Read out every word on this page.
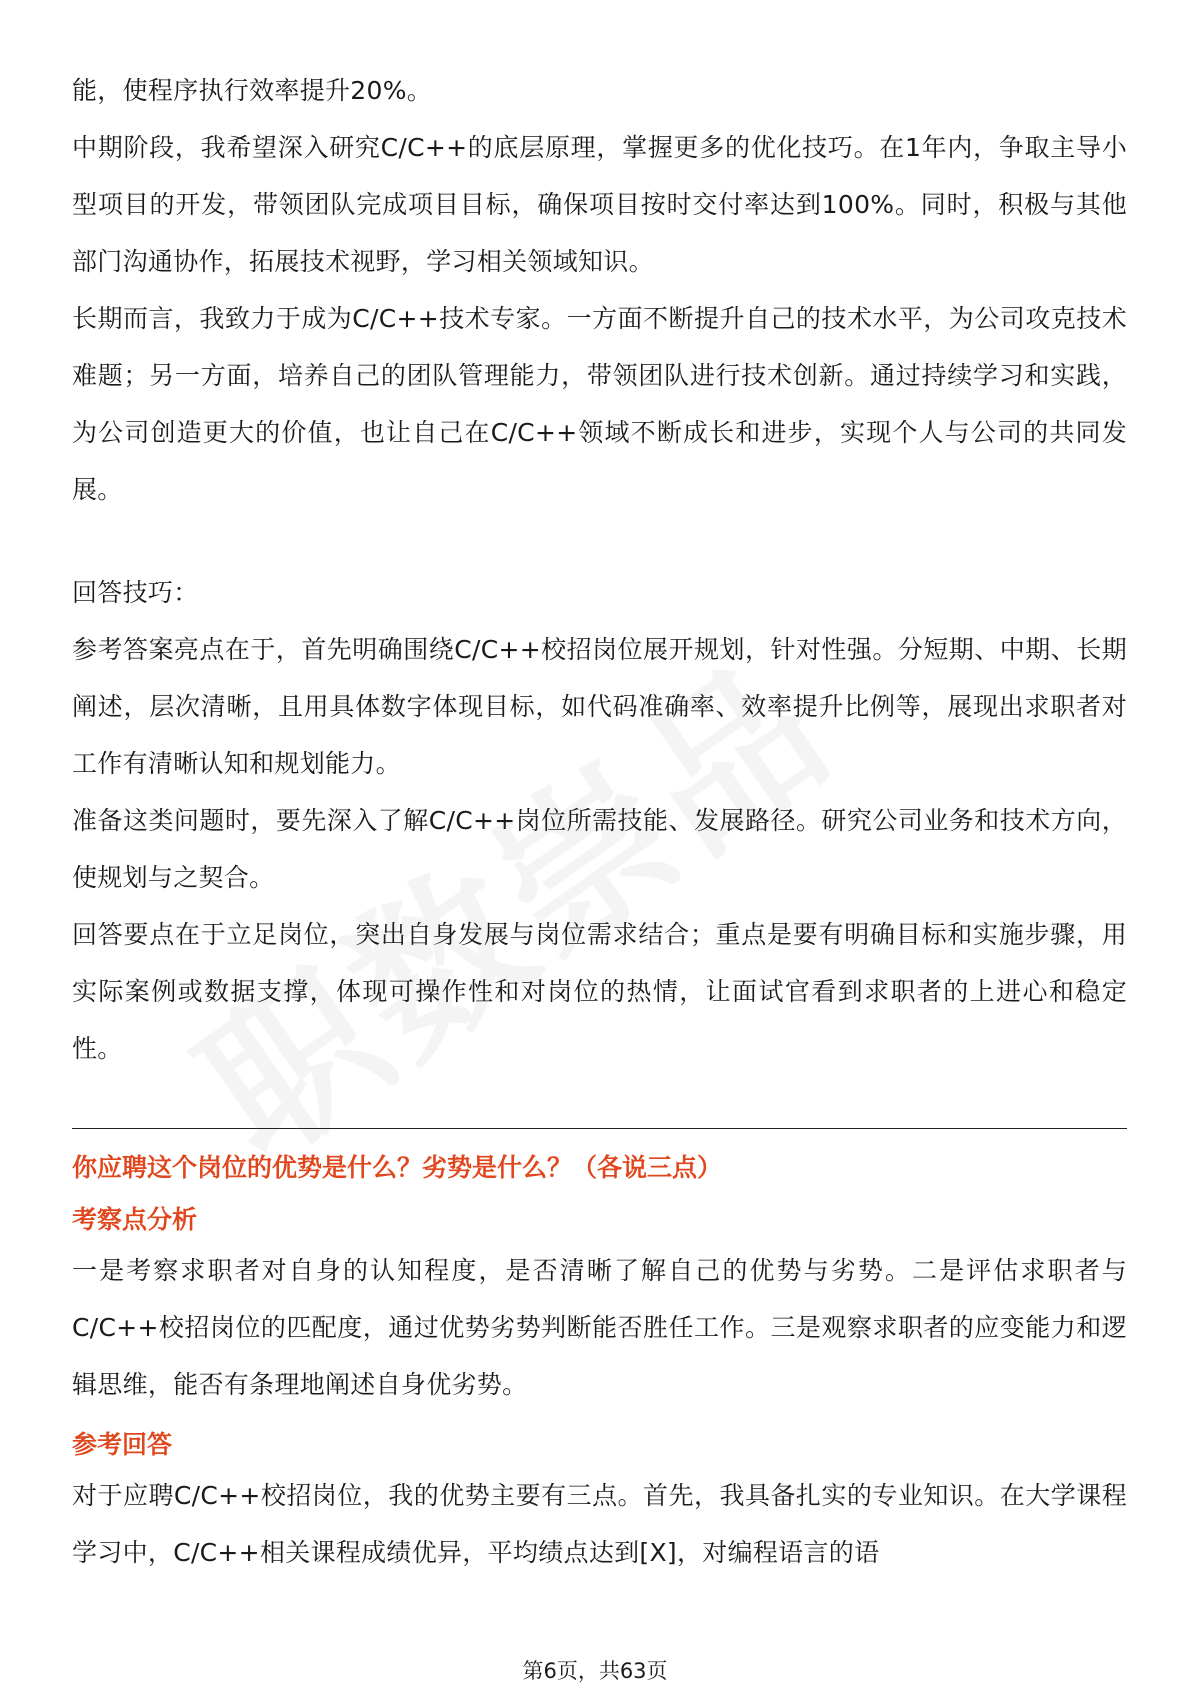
能，使程序执行效率提升20%。

中期阶段，我希望深入研究C/C++的底层原理，掌握更多的优化技巧。在1年内，争取主导小型项目的开发，带领团队完成项目目标，确保项目按时交付率达到100%。同时，积极与其他部门沟通协作，拓展技术视野，学习相关领域知识。

长期而言，我致力于成为C/C++技术专家。一方面不断提升自己的技术水平，为公司攻克技术难题；另一方面，培养自己的团队管理能力，带领团队进行技术创新。通过持续学习和实践，为公司创造更大的价值，也让自己在C/C++领域不断成长和进步，实现个人与公司的共同发展。

回答技巧：

参考答案亮点在于，首先明确围绕C/C++校招岗位展开规划，针对性强。分短期、中期、长期阐述，层次清晰，且用具体数字体现目标，如代码准确率、效率提升比例等，展现出求职者对工作有清晰认知和规划能力。

准备这类问题时，要先深入了解C/C++岗位所需技能、发展路径。研究公司业务和技术方向，使规划与之契合。

回答要点在于立足岗位，突出自身发展与岗位需求结合；重点是要有明确目标和实施步骤，用实际案例或数据支撑，体现可操作性和对岗位的热情，让面试官看到求职者的上进心和稳定性。

你应聘这个岗位的优势是什么？劣势是什么？（各说三点）

考察点分析

一是考察求职者对自身的认知程度，是否清晰了解自己的优势与劣势。二是评估求职者与C/C++校招岗位的匹配度，通过优势劣势判断能否胜任工作。三是观察求职者的应变能力和逻辑思维，能否有条理地阐述自身优劣势。

参考回答

对于应聘C/C++校招岗位，我的优势主要有三点。首先，我具备扎实的专业知识。在大学课程学习中，C/C++相关课程成绩优异，平均绩点达到[X]，对编程语言的语

第6页，共63页
